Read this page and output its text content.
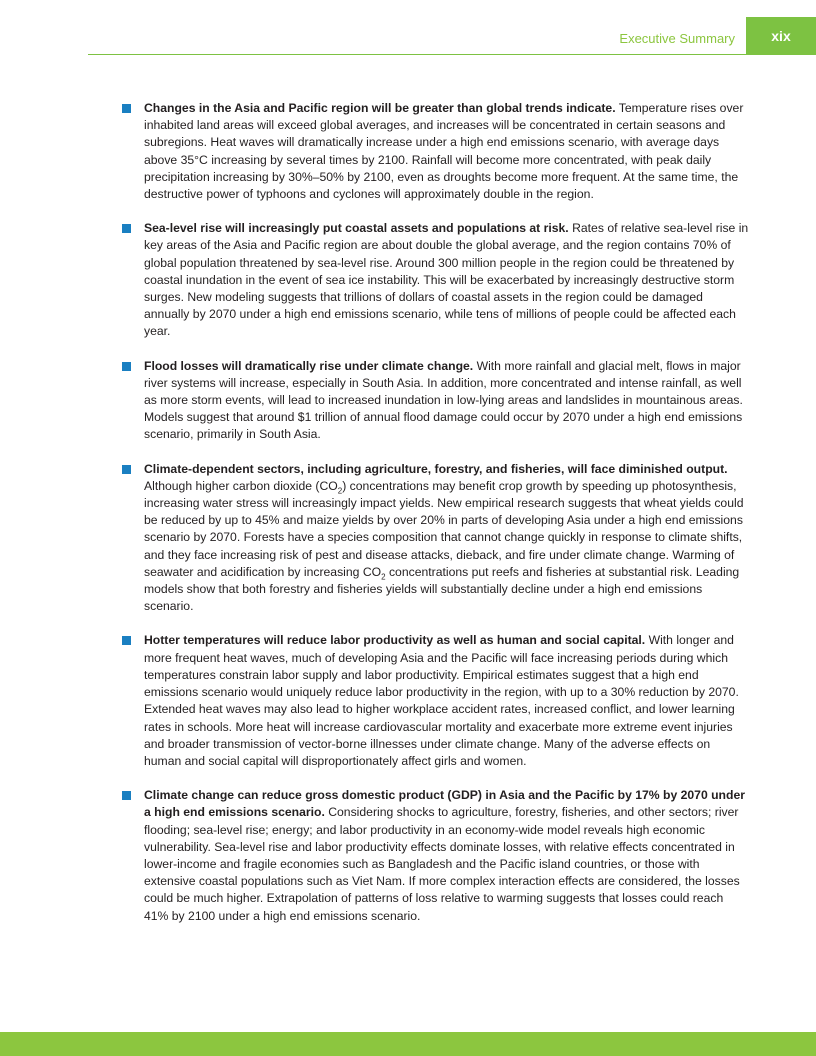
Executive Summary	xix
Changes in the Asia and Pacific region will be greater than global trends indicate. Temperature rises over inhabited land areas will exceed global averages, and increases will be concentrated in certain seasons and subregions. Heat waves will dramatically increase under a high end emissions scenario, with average days above 35°C increasing by several times by 2100. Rainfall will become more concentrated, with peak daily precipitation increasing by 30%–50% by 2100, even as droughts become more frequent. At the same time, the destructive power of typhoons and cyclones will approximately double in the region.
Sea-level rise will increasingly put coastal assets and populations at risk. Rates of relative sea-level rise in key areas of the Asia and Pacific region are about double the global average, and the region contains 70% of global population threatened by sea-level rise. Around 300 million people in the region could be threatened by coastal inundation in the event of sea ice instability. This will be exacerbated by increasingly destructive storm surges. New modeling suggests that trillions of dollars of coastal assets in the region could be damaged annually by 2070 under a high end emissions scenario, while tens of millions of people could be affected each year.
Flood losses will dramatically rise under climate change. With more rainfall and glacial melt, flows in major river systems will increase, especially in South Asia. In addition, more concentrated and intense rainfall, as well as more storm events, will lead to increased inundation in low-lying areas and landslides in mountainous areas. Models suggest that around $1 trillion of annual flood damage could occur by 2070 under a high end emissions scenario, primarily in South Asia.
Climate-dependent sectors, including agriculture, forestry, and fisheries, will face diminished output. Although higher carbon dioxide $(CO_2)$ concentrations may benefit crop growth by speeding up photosynthesis, increasing water stress will increasingly impact yields. New empirical research suggests that wheat yields could be reduced by up to 45% and maize yields by over 20% in parts of developing Asia under a high end emissions scenario by 2070. Forests have a species composition that cannot change quickly in response to climate shifts, and they face increasing risk of pest and disease attacks, dieback, and fire under climate change. Warming of seawater and acidification by increasing $CO_2$ concentrations put reefs and fisheries at substantial risk. Leading models show that both forestry and fisheries yields will substantially decline under a high end emissions scenario.
Hotter temperatures will reduce labor productivity as well as human and social capital. With longer and more frequent heat waves, much of developing Asia and the Pacific will face increasing periods during which temperatures constrain labor supply and labor productivity. Empirical estimates suggest that a high end emissions scenario would uniquely reduce labor productivity in the region, with up to a 30% reduction by 2070. Extended heat waves may also lead to higher workplace accident rates, increased conflict, and lower learning rates in schools. More heat will increase cardiovascular mortality and exacerbate more extreme event injuries and broader transmission of vector-borne illnesses under climate change. Many of the adverse effects on human and social capital will disproportionately affect girls and women.
Climate change can reduce gross domestic product (GDP) in Asia and the Pacific by 17% by 2070 under a high end emissions scenario. Considering shocks to agriculture, forestry, fisheries, and other sectors; river flooding; sea-level rise; energy; and labor productivity in an economy-wide model reveals high economic vulnerability. Sea-level rise and labor productivity effects dominate losses, with relative effects concentrated in lower-income and fragile economies such as Bangladesh and the Pacific island countries, or those with extensive coastal populations such as Viet Nam. If more complex interaction effects are considered, the losses could be much higher. Extrapolation of patterns of loss relative to warming suggests that losses could reach 41% by 2100 under a high end emissions scenario.
